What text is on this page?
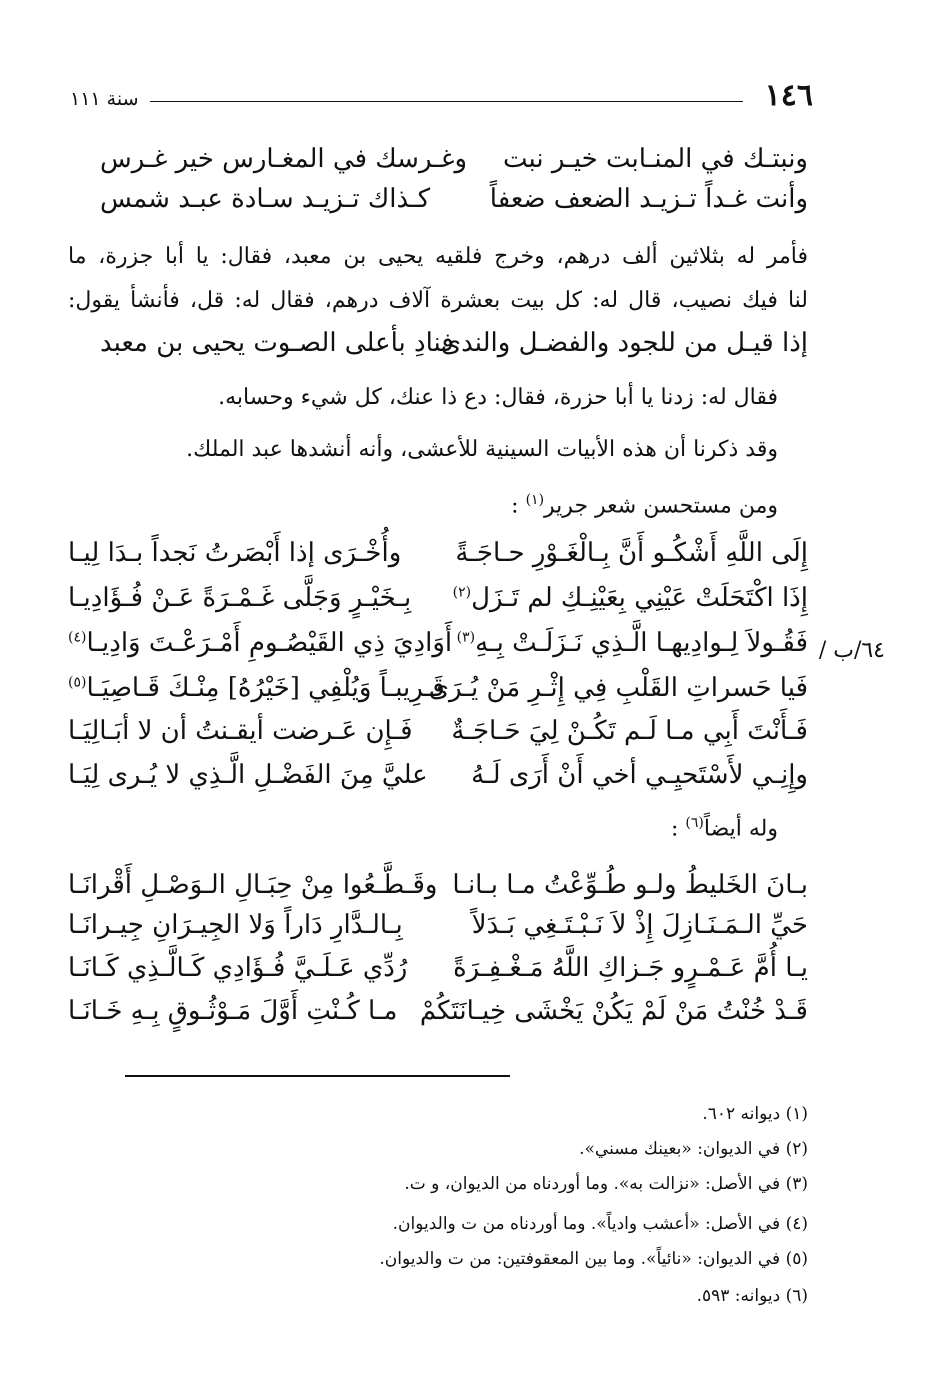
١٤٦
سنة ١١١
ونبتـك في المنـابت خيـر نبت
وغـرسك في المغـارس خير غـرس
وأنت غـداً تـزيـد الضعف ضعفاً
كـذاك تـزيـد سـادة عبـد شمس
فأمر له بثلاثين ألف درهم، وخرج فلقيه يحيى بن معبد، فقال: يا أبا جزرة، ما
لنا فيك نصيب، قال له: كل بيت بعشرة آلاف درهم، فقال له: قل، فأنشأ يقول:
إذا قيـل من للجود والفضـل والندى
فنادِ بأعلى الصـوت يحيى بن معبد
فقال له: زدنا يا أبا حزرة، فقال: دع ذا عنك، كل شيء وحسابه.
وقد ذكرنا أن هذه الأبيات السينية للأعشى، وأنه أنشدها عبد الملك.
ومن مستحسن شعر جرير$^{(١)}$ :
٦٤/ب /
إِلَى اللَّهِ أَشْكُـو أَنَّ بِـالْغَـوْرِ حـاجَـةً
وأُخْـرَى إذا أَبْصَرتُ نَجداً بـدَا لِيـا
إِذَا اكْتَحَلَتْ عَيْنِي بِعَيْنِـكِ لم تَـزَل$^{(٢)}$
بِـخَيْـرٍ وَجَلَّى غَـمْـرَةً عَـنْ فُـؤَادِيـا
فَقُـولاَ لِـوادِيهـا الَّـذِي نَـزَلَـتْ بِـهِ$^{(٣)}$
أَوَادِيَ ذِي القَيْصُـومِ أَمْـرَعْـتَ وَادِيـا$^{(٤)}$
فَيا حَسراتِ القَلْبِ فِي إِثْـرِ مَنْ يُـرَى
قَـرِيبـاً وَيُلْفِي [خَيْرُهُ] مِنْـكَ قَـاصِيَـا$^{(٥)}$
فَـأَنْتَ أَبِي مـا لَـم تَكُـنْ لِيَ حَـاجَـةٌ
فَـإِن عَـرضت أيقـنتُ أن لا أبَـالِيَـا
وإِنِـي لأَسْتَحيِـي أخي أَنْ أَرَى لَـهُ
عليَّ مِنَ الفَضْـلِ الَّـذِي لا يُـرى لِيَـا
وله أيضاً$^{(٦)}$ :
بـانَ الخَليطُ ولـو طُـوِّعْتُ مـا بـانـا
وقَـطَّـعُوا مِنْ حِبَـالِ الـوَصْـلِ أَقْرانَـا
حَيِّ الـمَـنَـازِلَ إِذْ لاَ نَـبْـتَـغِي بَـدَلاً
بِـالـدَّارِ دَاراً وَلا الجِيـرَانِ جِيـرانَـا
يـا أُمَّ عَـمْـرٍو جَـزاكِ اللَّهُ مَـغْـفِـرَةً
رُدِّي عَـلَـيَّ فُـؤَادِي كَـالَّـذِي كَـانَـا
قَـدْ خُنْتُ مَنْ لَمْ يَكُنْ يَخْشَى خِيـانَتَكُمْ
مـا كُـنْتِ أَوَّلَ مَـوْثُـوقٍ بِـهِ خَـانَـا
(١) ديوانه ٦٠٢.
(٢) في الديوان: «بعينك مسني».
(٣) في الأصل: «نزالت به». وما أوردناه من الديوان، و ت.
(٤) في الأصل: «أعشب وادياً». وما أوردناه من ت والديوان.
(٥) في الديوان: «نائياً». وما بين المعقوفتين: من ت والديوان.
(٦) ديوانه: ٥٩٣.
